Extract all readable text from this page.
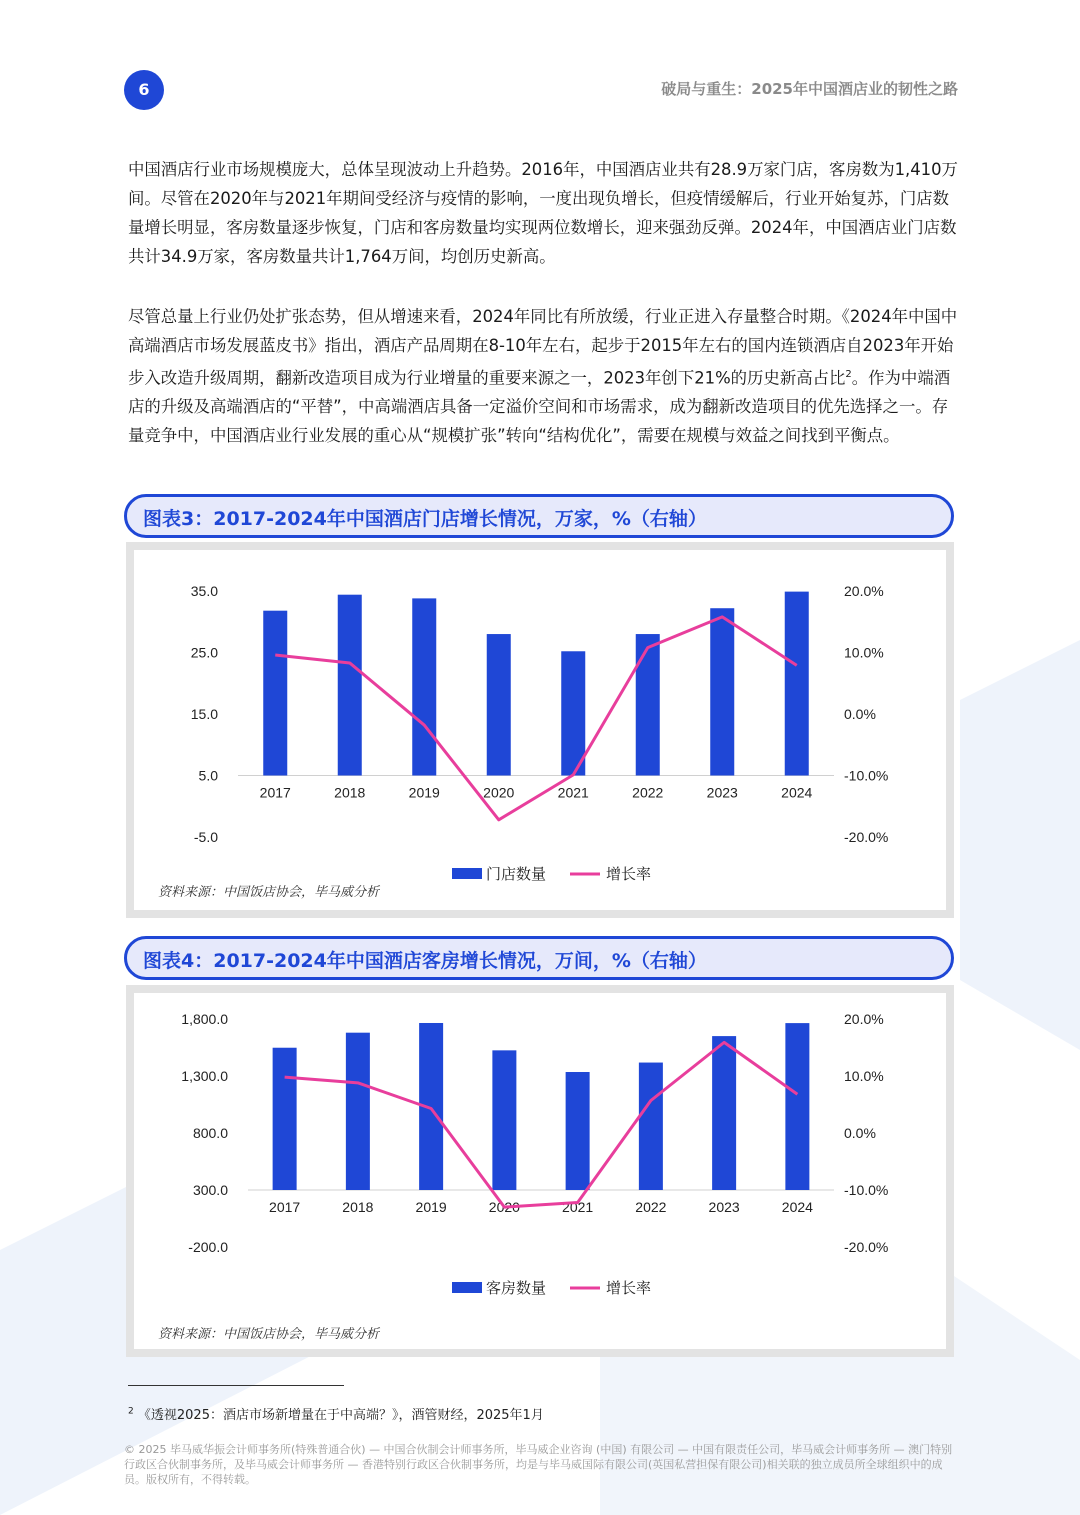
6	破局与重生：2025年中国酒店业的韧性之路

中国酒店行业市场规模庞大，总体呈现波动上升趋势。2016年，中国酒店业共有28.9万家门店，客房数为1,410万间。尽管在2020年与2021年期间受经济与疫情的影响，一度出现负增长，但疫情缓解后，行业开始复苏，门店数量增长明显，客房数量逐步恢复，门店和客房数量均实现两位数增长，迎来强劲反弹。2024年，中国酒店业门店数共计34.9万家，客房数量共计1,764万间，均创历史新高。

尽管总量上行业仍处扩张态势，但从增速来看，2024年同比有所放缓，行业正进入存量整合时期。《2024年中国中高端酒店市场发展蓝皮书》指出，酒店产品周期在8-10年左右，起步于2015年左右的国内连锁酒店自2023年开始步入改造升级周期，翻新改造项目成为行业增量的重要来源之一，2023年创下21%的历史新高占比$^2$。作为中端酒店的升级及高端酒店的“平替”，中高端酒店具备一定溢价空间和市场需求，成为翻新改造项目的优先选择之一。存量竞争中，中国酒店业行业发展的重心从“规模扩张”转向“结构优化”，需要在规模与效益之间找到平衡点。

图表3：2017-2024年中国酒店门店增长情况，万家，%（右轴）
35.0
25.0
15.0
5.0
-5.0
20.0%
10.0%
0.0%
-10.0%
-20.0%
2017	2018	2019	2020	2021	2022	2023	2024
门店数量	增长率
资料来源：中国饭店协会，毕马威分析
图表4：2017-2024年中国酒店客房增长情况，万间，%（右轴）
1,800.0
1,300.0
800.0
300.0
-200.0
20.0%
10.0%
0.0%
-10.0%
-20.0%
2017	2018	2019	2020	2021	2022	2023	2024
客房数量	增长率
资料来源：中国饭店协会，毕马威分析
$^2$ 《透视2025：酒店市场新增量在于中高端？》，酒管财经，2025年1月
© 2025 毕马威华振会计师事务所(特殊普通合伙) — 中国合伙制会计师事务所，毕马威企业咨询 (中国) 有限公司 — 中国有限责任公司，毕马威会计师事务所 — 澳门特别行政区合伙制事务所，及毕马威会计师事务所 — 香港特别行政区合伙制事务所，均是与毕马威国际有限公司(英国私营担保有限公司)相关联的独立成员所全球组织中的成员。版权所有，不得转载。
